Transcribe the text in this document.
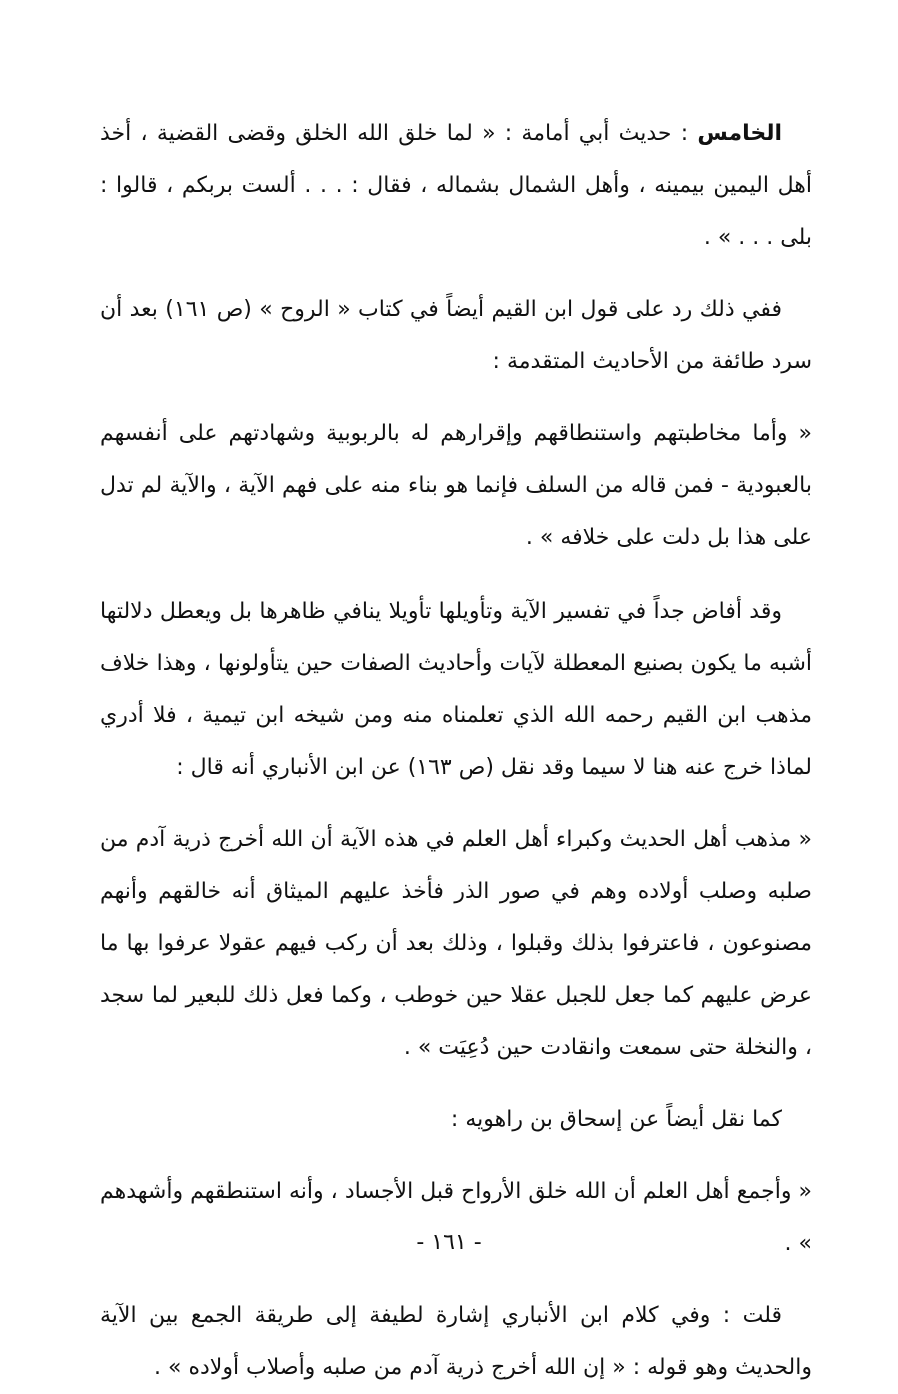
الخامس : حديث أبي أمامة : « لما خلق الله الخلق وقضى القضية ، أخذ أهل اليمين بيمينه ، وأهل الشمال بشماله ، فقال : . . . ألست بربكم ، قالوا : بلى . . . » .

ففي ذلك رد على قول ابن القيم أيضاً في كتاب « الروح » (ص ١٦١) بعد أن سرد طائفة من الأحاديث المتقدمة :

« وأما مخاطبتهم واستنطاقهم وإقرارهم له بالربوبية وشهادتهم على أنفسهم بالعبودية - فمن قاله من السلف فإنما هو بناء منه على فهم الآية ، والآية لم تدل على هذا بل دلت على خلافه » .

وقد أفاض جداً في تفسير الآية وتأويلها تأويلا ينافي ظاهرها بل ويعطل دلالتها أشبه ما يكون بصنيع المعطلة لآيات وأحاديث الصفات حين يتأولونها ، وهذا خلاف مذهب ابن القيم رحمه الله الذي تعلمناه منه ومن شيخه ابن تيمية ، فلا أدري لماذا خرج عنه هنا لا سيما وقد نقل (ص ١٦٣) عن ابن الأنباري أنه قال :

« مذهب أهل الحديث وكبراء أهل العلم في هذه الآية أن الله أخرج ذرية آدم من صلبه وصلب أولاده وهم في صور الذر فأخذ عليهم الميثاق أنه خالقهم وأنهم مصنوعون ، فاعترفوا بذلك وقبلوا ، وذلك بعد أن ركب فيهم عقولا عرفوا بها ما عرض عليهم كما جعل للجبل عقلا حين خوطب ، وكما فعل ذلك للبعير لما سجد ، والنخلة حتى سمعت وانقادت حين دُعِيَت » .

كما نقل أيضاً عن إسحاق بن راهويه :

« وأجمع أهل العلم أن الله خلق الأرواح قبل الأجساد ، وأنه استنطقهم وأشهدهم » .

قلت : وفي كلام ابن الأنباري إشارة لطيفة إلى طريقة الجمع بين الآية والحديث وهو قوله : « إن الله أخرج ذرية آدم من صلبه وأصلاب أولاده » .

- ١٦١ -
